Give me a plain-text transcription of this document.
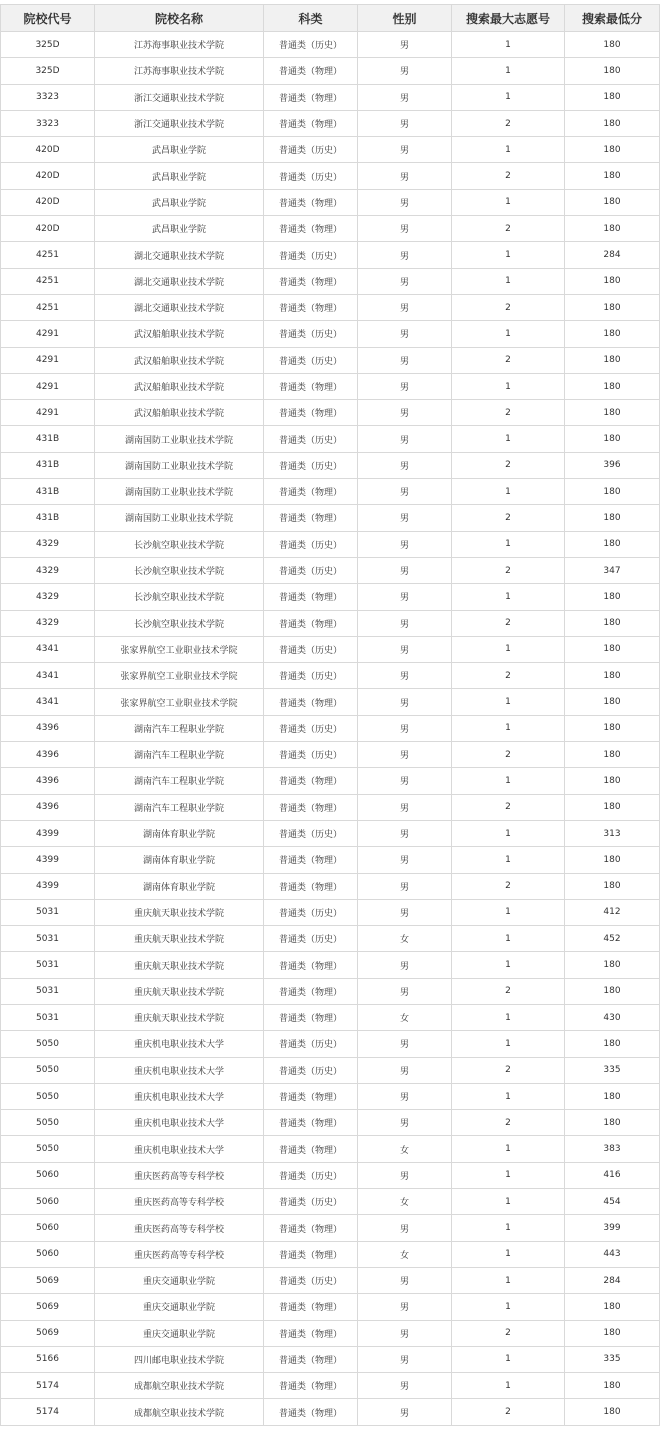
院校代号	院校名称	科类	性别	搜索最大志愿号	搜索最低分
325D	江苏海事职业技术学院	普通类（历史）	男	1	180
325D	江苏海事职业技术学院	普通类（物理）	男	1	180
3323	浙江交通职业技术学院	普通类（物理）	男	1	180
3323	浙江交通职业技术学院	普通类（物理）	男	2	180
420D	武昌职业学院	普通类（历史）	男	1	180
420D	武昌职业学院	普通类（历史）	男	2	180
420D	武昌职业学院	普通类（物理）	男	1	180
420D	武昌职业学院	普通类（物理）	男	2	180
4251	湖北交通职业技术学院	普通类（历史）	男	1	284
4251	湖北交通职业技术学院	普通类（物理）	男	1	180
4251	湖北交通职业技术学院	普通类（物理）	男	2	180
4291	武汉船舶职业技术学院	普通类（历史）	男	1	180
4291	武汉船舶职业技术学院	普通类（历史）	男	2	180
4291	武汉船舶职业技术学院	普通类（物理）	男	1	180
4291	武汉船舶职业技术学院	普通类（物理）	男	2	180
431B	湖南国防工业职业技术学院	普通类（历史）	男	1	180
431B	湖南国防工业职业技术学院	普通类（历史）	男	2	396
431B	湖南国防工业职业技术学院	普通类（物理）	男	1	180
431B	湖南国防工业职业技术学院	普通类（物理）	男	2	180
4329	长沙航空职业技术学院	普通类（历史）	男	1	180
4329	长沙航空职业技术学院	普通类（历史）	男	2	347
4329	长沙航空职业技术学院	普通类（物理）	男	1	180
4329	长沙航空职业技术学院	普通类（物理）	男	2	180
4341	张家界航空工业职业技术学院	普通类（历史）	男	1	180
4341	张家界航空工业职业技术学院	普通类（历史）	男	2	180
4341	张家界航空工业职业技术学院	普通类（物理）	男	1	180
4396	湖南汽车工程职业学院	普通类（历史）	男	1	180
4396	湖南汽车工程职业学院	普通类（历史）	男	2	180
4396	湖南汽车工程职业学院	普通类（物理）	男	1	180
4396	湖南汽车工程职业学院	普通类（物理）	男	2	180
4399	湖南体育职业学院	普通类（历史）	男	1	313
4399	湖南体育职业学院	普通类（物理）	男	1	180
4399	湖南体育职业学院	普通类（物理）	男	2	180
5031	重庆航天职业技术学院	普通类（历史）	男	1	412
5031	重庆航天职业技术学院	普通类（历史）	女	1	452
5031	重庆航天职业技术学院	普通类（物理）	男	1	180
5031	重庆航天职业技术学院	普通类（物理）	男	2	180
5031	重庆航天职业技术学院	普通类（物理）	女	1	430
5050	重庆机电职业技术大学	普通类（历史）	男	1	180
5050	重庆机电职业技术大学	普通类（历史）	男	2	335
5050	重庆机电职业技术大学	普通类（物理）	男	1	180
5050	重庆机电职业技术大学	普通类（物理）	男	2	180
5050	重庆机电职业技术大学	普通类（物理）	女	1	383
5060	重庆医药高等专科学校	普通类（历史）	男	1	416
5060	重庆医药高等专科学校	普通类（历史）	女	1	454
5060	重庆医药高等专科学校	普通类（物理）	男	1	399
5060	重庆医药高等专科学校	普通类（物理）	女	1	443
5069	重庆交通职业学院	普通类（历史）	男	1	284
5069	重庆交通职业学院	普通类（物理）	男	1	180
5069	重庆交通职业学院	普通类（物理）	男	2	180
5166	四川邮电职业技术学院	普通类（物理）	男	1	335
5174	成都航空职业技术学院	普通类（物理）	男	1	180
5174	成都航空职业技术学院	普通类（物理）	男	2	180
